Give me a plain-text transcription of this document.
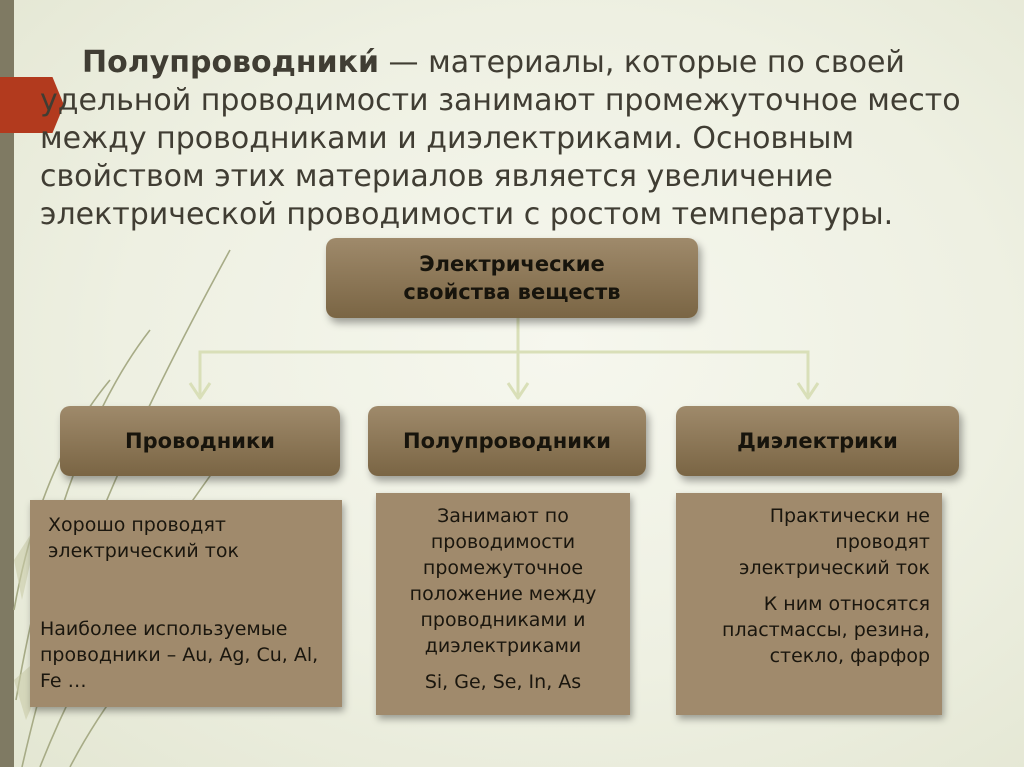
Полупроводники́ — материалы, которые по своей удельной проводимости занимают промежуточное место между проводниками и диэлектриками. Основным свойством этих материалов является увеличение электрической проводимости с ростом температуры.

Электрические
свойства веществ
Проводники	Полупроводники	Диэлектрики

Хорошо проводят электрический ток

Наиболее используемые проводники – Au, Ag, Cu, Al, Fe …

Занимают по проводимости промежуточное положение между проводниками и диэлектриками

Si, Ge, Se, In, As

Практически не проводят электрический ток

К ним относятся пластмассы, резина, стекло, фарфор
